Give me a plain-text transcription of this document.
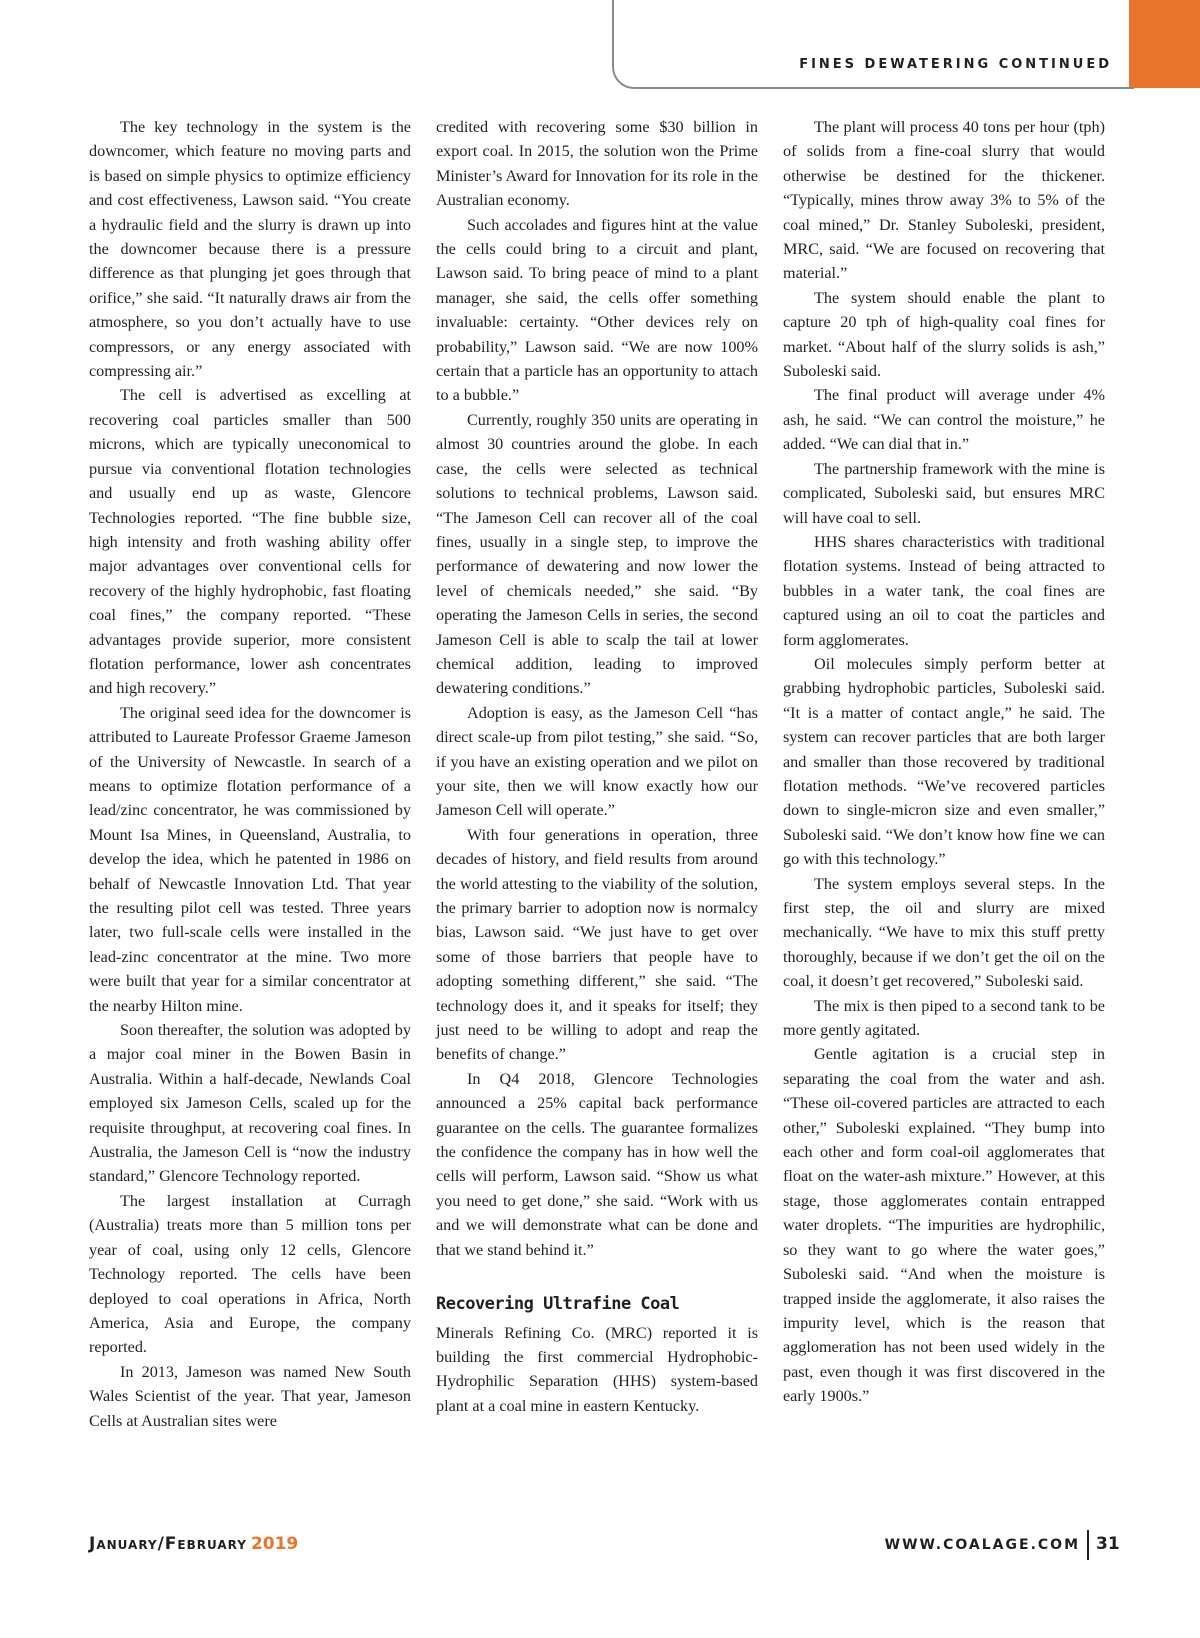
FINES DEWATERING CONTINUED

The key technology in the system is the downcomer, which feature no moving parts and is based on simple physics to optimize efficiency and cost effectiveness, Lawson said. “You create a hydraulic field and the slurry is drawn up into the downcomer because there is a pressure difference as that plunging jet goes through that orifice,” she said. “It naturally draws air from the atmosphere, so you don’t actually have to use compressors, or any energy associated with compressing air.”

The cell is advertised as excelling at recovering coal particles smaller than 500 microns, which are typically uneconomical to pursue via conventional flotation technologies and usually end up as waste, Glencore Technologies reported. “The fine bubble size, high intensity and froth washing ability offer major advantages over conventional cells for recovery of the highly hydrophobic, fast floating coal fines,” the company reported. “These advantages provide superior, more consistent flotation performance, lower ash concentrates and high recovery.”

The original seed idea for the downcomer is attributed to Laureate Professor Graeme Jameson of the University of Newcastle. In search of a means to optimize flotation performance of a lead/zinc concentrator, he was commissioned by Mount Isa Mines, in Queensland, Australia, to develop the idea, which he patented in 1986 on behalf of Newcastle Innovation Ltd. That year the resulting pilot cell was tested. Three years later, two full-scale cells were installed in the lead-zinc concentrator at the mine. Two more were built that year for a similar concentrator at the nearby Hilton mine.

Soon thereafter, the solution was adopted by a major coal miner in the Bowen Basin in Australia. Within a half-decade, Newlands Coal employed six Jameson Cells, scaled up for the requisite throughput, at recovering coal fines. In Australia, the Jameson Cell is “now the industry standard,” Glencore Technology reported.

The largest installation at Curragh (Australia) treats more than 5 million tons per year of coal, using only 12 cells, Glencore Technology reported. The cells have been deployed to coal operations in Africa, North America, Asia and Europe, the company reported.

In 2013, Jameson was named New South Wales Scientist of the year. That year, Jameson Cells at Australian sites were

credited with recovering some $30 billion in export coal. In 2015, the solution won the Prime Minister’s Award for Innovation for its role in the Australian economy.

Such accolades and figures hint at the value the cells could bring to a circuit and plant, Lawson said. To bring peace of mind to a plant manager, she said, the cells offer something invaluable: certainty. “Other devices rely on probability,” Lawson said. “We are now 100% certain that a particle has an opportunity to attach to a bubble.”

Currently, roughly 350 units are operating in almost 30 countries around the globe. In each case, the cells were selected as technical solutions to technical problems, Lawson said. “The Jameson Cell can recover all of the coal fines, usually in a single step, to improve the performance of dewatering and now lower the level of chemicals needed,” she said. “By operating the Jameson Cells in series, the second Jameson Cell is able to scalp the tail at lower chemical addition, leading to improved dewatering conditions.”

Adoption is easy, as the Jameson Cell “has direct scale-up from pilot testing,” she said. “So, if you have an existing operation and we pilot on your site, then we will know exactly how our Jameson Cell will operate.”

With four generations in operation, three decades of history, and field results from around the world attesting to the viability of the solution, the primary barrier to adoption now is normalcy bias, Lawson said. “We just have to get over some of those barriers that people have to adopting something different,” she said. “The technology does it, and it speaks for itself; they just need to be willing to adopt and reap the benefits of change.”

In Q4 2018, Glencore Technologies announced a 25% capital back performance guarantee on the cells. The guarantee formalizes the confidence the company has in how well the cells will perform, Lawson said. “Show us what you need to get done,” she said. “Work with us and we will demonstrate what can be done and that we stand behind it.”

Recovering Ultrafine Coal

Minerals Refining Co. (MRC) reported it is building the first commercial Hydrophobic-Hydrophilic Separation (HHS) system-based plant at a coal mine in eastern Kentucky.

The plant will process 40 tons per hour (tph) of solids from a fine-coal slurry that would otherwise be destined for the thickener. “Typically, mines throw away 3% to 5% of the coal mined,” Dr. Stanley Suboleski, president, MRC, said. “We are focused on recovering that material.”

The system should enable the plant to capture 20 tph of high-quality coal fines for market. “About half of the slurry solids is ash,” Suboleski said.

The final product will average under 4% ash, he said. “We can control the moisture,” he added. “We can dial that in.”

The partnership framework with the mine is complicated, Suboleski said, but ensures MRC will have coal to sell.

HHS shares characteristics with traditional flotation systems. Instead of being attracted to bubbles in a water tank, the coal fines are captured using an oil to coat the particles and form agglomerates.

Oil molecules simply perform better at grabbing hydrophobic particles, Suboleski said. “It is a matter of contact angle,” he said. The system can recover particles that are both larger and smaller than those recovered by traditional flotation methods. “We’ve recovered particles down to single-micron size and even smaller,” Suboleski said. “We don’t know how fine we can go with this technology.”

The system employs several steps. In the first step, the oil and slurry are mixed mechanically. “We have to mix this stuff pretty thoroughly, because if we don’t get the oil on the coal, it doesn’t get recovered,” Suboleski said.

The mix is then piped to a second tank to be more gently agitated.

Gentle agitation is a crucial step in separating the coal from the water and ash. “These oil-covered particles are attracted to each other,” Suboleski explained. “They bump into each other and form coal-oil agglomerates that float on the water-ash mixture.” However, at this stage, those agglomerates contain entrapped water droplets. “The impurities are hydrophilic, so they want to go where the water goes,” Suboleski said. “And when the moisture is trapped inside the agglomerate, it also raises the impurity level, which is the reason that agglomeration has not been used widely in the past, even though it was first discovered in the early 1900s.”

January/February 2019	WWW.COALAGE.COM 31
